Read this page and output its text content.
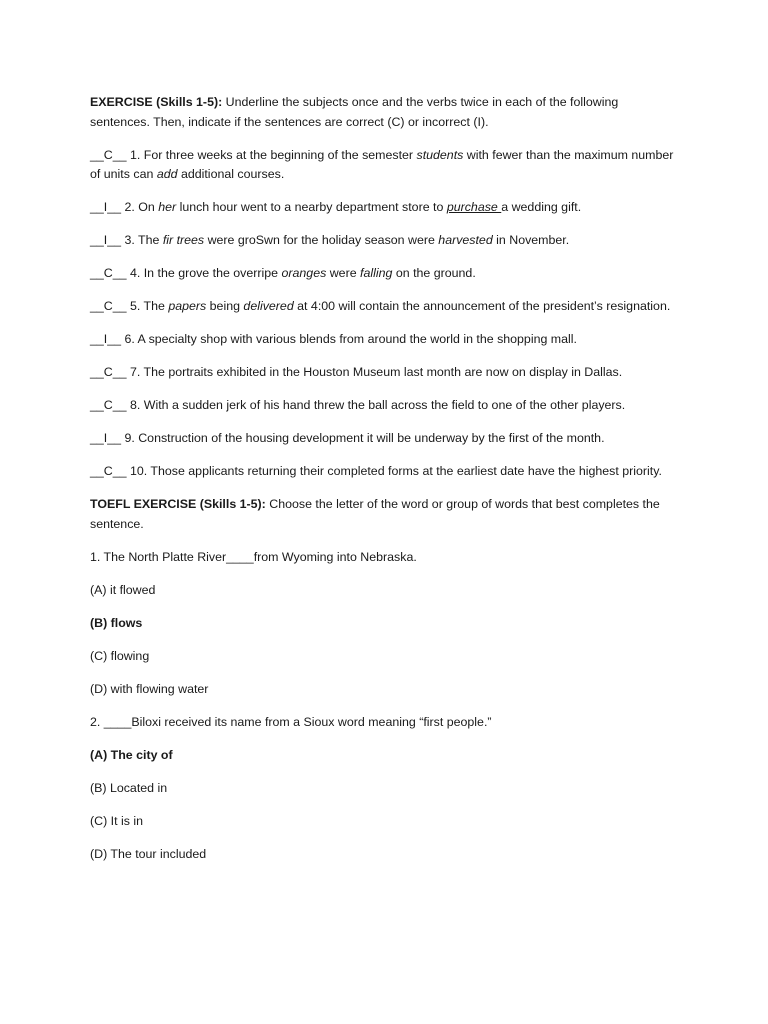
EXERCISE (Skills 1-5): Underline the subjects once and the verbs twice in each of the following sentences. Then, indicate if the sentences are correct (C) or incorrect (I).

__C__ 1. For three weeks at the beginning of the semester students with fewer than the maximum number of units can add additional courses.

__I__ 2. On her lunch hour went to a nearby department store to purchase a wedding gift.

__I__ 3. The fir trees were groSwn for the holiday season were harvested in November.

__C__ 4. In the grove the overripe oranges were falling on the ground.

__C__ 5. The papers being delivered at 4:00 will contain the announcement of the president’s resignation.

__I__ 6. A specialty shop with various blends from around the world in the shopping mall.

__C__ 7. The portraits exhibited in the Houston Museum last month are now on display in Dallas.

__C__ 8. With a sudden jerk of his hand threw the ball across the field to one of the other players.

__I__ 9. Construction of the housing development it will be underway by the first of the month.

__C__ 10. Those applicants returning their completed forms at the earliest date have the highest priority.

TOEFL EXERCISE (Skills 1-5): Choose the letter of the word or group of words that best completes the sentence.

1. The North Platte River____from Wyoming into Nebraska.

(A) it flowed

(B) flows

(C) flowing

(D) with flowing water

2. ____Biloxi received its name from a Sioux word meaning “first people.”

(A) The city of

(B) Located in

(C) It is in

(D) The tour included
